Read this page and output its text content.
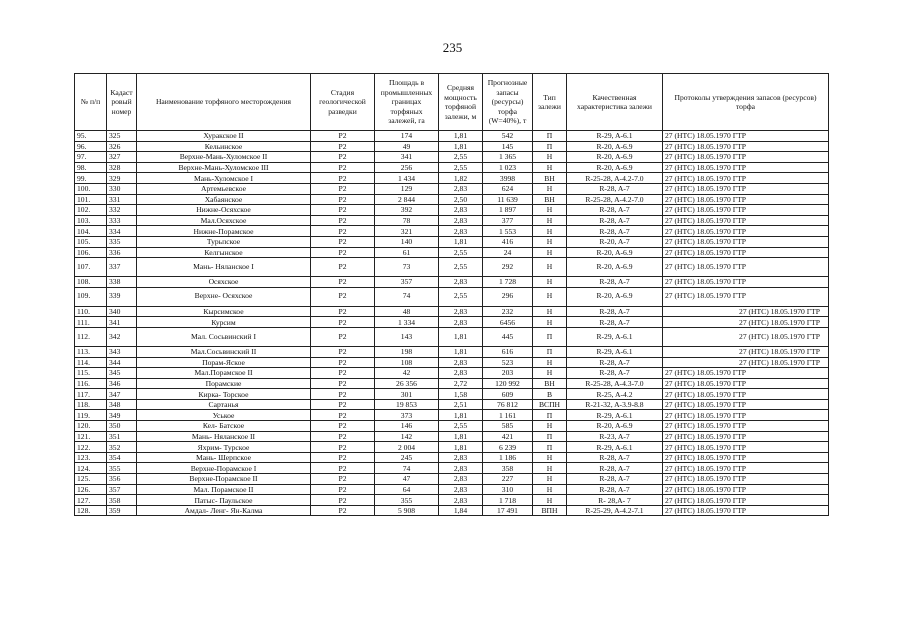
235
№ п/п	Кадаст ровый номер	Наименование торфяного месторождения	Стадия геологической разведки	Площадь в промышленных границах торфяных залежей, га	Средняя мощность торфяной залежи, м	Прогнозные запасы (ресурсы) торфа (W=40%), т	Тип залежи	Качественная характеристика залежи	Протоколы утверждения запасов (ресурсов) торфа
95.	325	Хуракское II	Р2	174	1,81	542	П	R-29, A-6.1	27 (НТС) 18.05.1970 ГТР
96.	326	Кельинское	Р2	49	1,81	145	П	R-20, A-6.9	27 (НТС) 18.05.1970 ГТР
97.	327	Верхне-Мань-Хуломское II	Р2	341	2,55	1 365	Н	R-20, A-6.9	27 (НТС) 18.05.1970 ГТР
98.	328	Верхне-Мань-Хуломское III	Р2	256	2,55	1 023	Н	R-20, A-6.9	27 (НТС) 18.05.1970 ГТР
99.	329	Мань-Хуломское I	Р2	1 434	1,82	3998	ВН	R-25-28, A-4.2-7.0	27 (НТС) 18.05.1970 ГТР
100.	330	Артемьевское	Р2	129	2,83	624	Н	R-28, A-7	27 (НТС) 18.05.1970 ГТР
101.	331	Хабаянское	Р2	2 844	2,50	11 639	ВН	R-25-28, A-4.2-7.0	27 (НТС) 18.05.1970 ГТР
102.	332	Нижне-Осяхское	Р2	392	2,83	1 897	Н	R-28, A-7	27 (НТС) 18.05.1970 ГТР
103.	333	Мал.Осяхское	Р2	78	2,83	377	Н	R-28, A-7	27 (НТС) 18.05.1970 ГТР
104.	334	Нижне-Порамское	Р2	321	2,83	1 553	Н	R-28, A-7	27 (НТС) 18.05.1970 ГТР
105.	335	Турьпское	Р2	140	1,81	416	Н	R-20, A-7	27 (НТС) 18.05.1970 ГТР
106.	336	Келгынское	Р2	61	2,55	24	Н	R-20, A-6.9	27 (НТС) 18.05.1970 ГТР
107.	337	Мань- Няланское I	Р2	73	2,55	292	Н	R-20, A-6.9	27 (НТС) 18.05.1970 ГТР
108.	338	Осяхское	Р2	357	2,83	1 728	Н	R-28, A-7	27 (НТС) 18.05.1970 ГТР
109.	339	Верхне- Осяхское	Р2	74	2,55	296	Н	R-20, A-6.9	27 (НТС) 18.05.1970 ГТР
110.	340	Кырсимское	Р2	48	2,83	232	Н	R-28, A-7	27 (НТС) 18.05.1970 ГТР
111.	341	Курсим	Р2	1 334	2,83	6456	Н	R-28, A-7	27 (НТС) 18.05.1970 ГТР
112.	342	Мал. Сосьвинский I	Р2	143	1,81	445	П	R-29, A-6.1	27 (НТС) 18.05.1970 ГТР
113.	343	Мал.Сосьвинский II	Р2	198	1,81	616	П	R-29, A-6.1	27 (НТС) 18.05.1970 ГТР
114.	344	Порам-Яское	Р2	108	2,83	523	Н	R-28, A-7	27 (НТС) 18.05.1970 ГТР
115.	345	Мал.Порамское II	Р2	42	2,83	203	Н	R-28, A-7	27 (НТС) 18.05.1970 ГТР
116.	346	Порамские	Р2	26 356	2,72	120 992	ВН	R-25-28, A-4.3-7.0	27 (НТС) 18.05.1970 ГТР
117.	347	Кирка- Торское	Р2	301	1,58	609	В	R-25, A-4.2	27 (НТС) 18.05.1970 ГТР
118.	348	Сартанья	Р2	19 853	2,51	76 812	ВСПН	R-21-32, A-3.9-8.8	27 (НТС) 18.05.1970 ГТР
119.	349	Уськое	Р2	373	1,81	1 161	П	R-29, A-6.1	27 (НТС) 18.05.1970 ГТР
120.	350	Кел- Батское	Р2	146	2,55	585	Н	R-20, A-6.9	27 (НТС) 18.05.1970 ГТР
121.	351	Мань- Няланское II	Р2	142	1,81	421	П	R-23, A-7	27 (НТС) 18.05.1970 ГТР
122.	352	Яхрим- Турское	Р2	2 004	1,81	6 239	П	R-29, A-6.1	27 (НТС) 18.05.1970 ГТР
123.	354	Мань- Шерпское	Р2	245	2,83	1 186	Н	R-28, A-7	27 (НТС) 18.05.1970 ГТР
124.	355	Верхне-Порамское I	Р2	74	2,83	358	Н	R-28, A-7	27 (НТС) 18.05.1970 ГТР
125.	356	Верхне-Порамское II	Р2	47	2,83	227	Н	R-28, A-7	27 (НТС) 18.05.1970 ГТР
126.	357	Мал. Порамское II	Р2	64	2,83	310	Н	R-28, A-7	27 (НТС) 18.05.1970 ГТР
127.	358	Патыс- Паульское	Р2	355	2,83	1 718	Н	R- 28,A- 7	27 (НТС) 18.05.1970 ГТР
128.	359	Амдал- Ленг- Ян-Калма	Р2	5 908	1,84	17 491	ВПН	R-25-29, A-4.2-7.1	27 (НТС) 18.05.1970 ГТР
